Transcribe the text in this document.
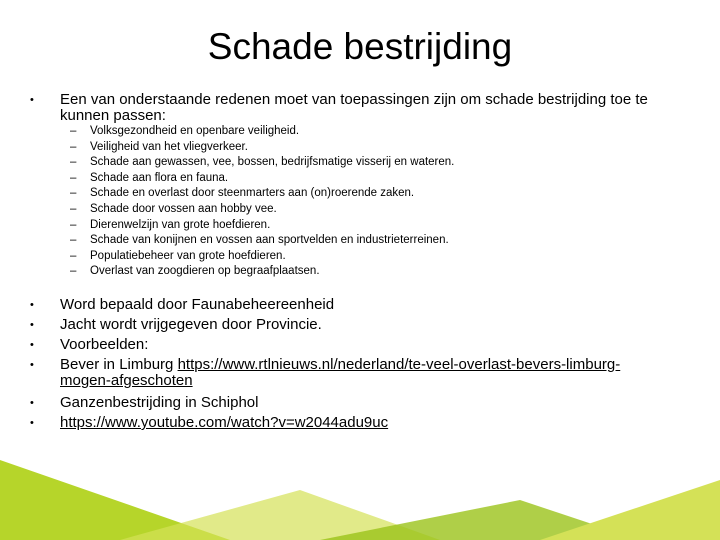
Schade bestrijding
• Een van onderstaande redenen moet van toepassingen zijn om schade bestrijding toe te kunnen passen:
– Volksgezondheid en openbare veiligheid.
– Veiligheid van het vliegverkeer.
– Schade aan gewassen, vee, bossen, bedrijfsmatige visserij en wateren.
– Schade aan flora en fauna.
– Schade en overlast door steenmarters aan (on)roerende zaken.
– Schade door vossen aan hobby vee.
– Dierenwelzijn van grote hoefdieren.
– Schade van konijnen en vossen aan sportvelden en industrieterreinen.
– Populatiebeheer van grote hoefdieren.
– Overlast van zoogdieren op begraafplaatsen.
• Word bepaald door Faunabeheereenheid
• Jacht wordt vrijgegeven door Provincie.
• Voorbeelden:
• Bever in Limburg https://www.rtlnieuws.nl/nederland/te-veel-overlast-bevers-limburg-
mogen-afgeschoten
• Ganzenbestrijding in Schiphol
• https://www.youtube.com/watch?v=w2044adu9uc
